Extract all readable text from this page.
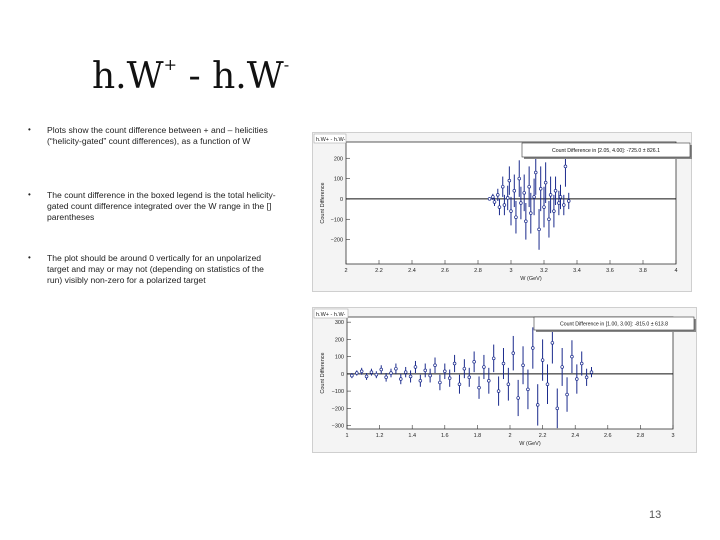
h.W+ - h.W-
• Plots show the count difference between + and – helicities (“helicity-gated” count differences), as a function of W
• The count difference in the boxed legend is the total helicity-gated count difference integrated over the W range in the [] parentheses
• The plot should be around 0 vertically for an unpolarized target and may or may not (depending on statistics of the run) visibly non-zero for a polarized target
h.W+ - h.W-
2	2.2	2.4	2.6	2.8	3	3.2	3.4	3.6	3.8	4
−200
−100
0
100
200
W (GeV)
Count Difference
Count Difference in [2.05, 4.00]: -725.0 ± 826.1
h.W+ - h.W-
1	1.2	1.4	1.6	1.8	2	2.2	2.4	2.6	2.8	3
−300
−200
−100
0
100
200
300
W (GeV)
Count Difference
Count Difference in [1.00, 3.00]: -815.0 ± 613.8
13
